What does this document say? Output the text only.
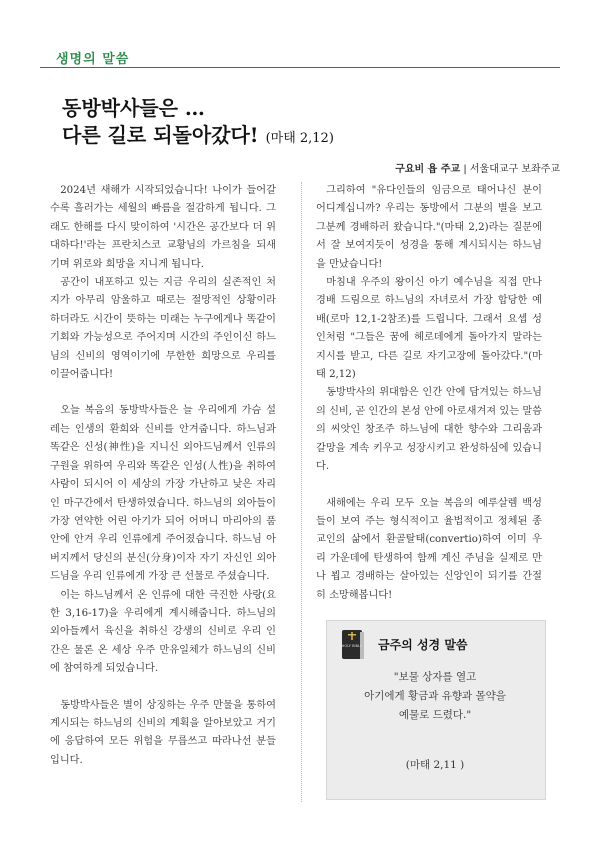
생명의 말씀
동방박사들은 …
다른 길로 되돌아갔다! (마태 2,12)
구요비 욥 주교 | 서울대교구 보좌주교

2024년 새해가 시작되었습니다! 나이가 들어갈수록 흘러가는 세월의 빠름을 절감하게 됩니다. 그래도 한해를 다시 맞이하여 '시간은 공간보다 더 위대하다!'라는 프란치스코 교황님의 가르침을 되새기며 위로와 희망을 지니게 됩니다.

공간이 내포하고 있는 지금 우리의 실존적인 처지가 아무리 암울하고 때로는 절망적인 상황이라 하더라도 시간이 뜻하는 미래는 누구에게나 똑같이 기회와 가능성으로 주어지며 시간의 주인이신 하느님의 신비의 영역이기에 무한한 희망으로 우리를 이끌어줍니다!

오늘 복음의 동방박사들은 늘 우리에게 가슴 설레는 인생의 환희와 신비를 안겨줍니다. 하느님과 똑같은 신성(神性)을 지니신 외아드님께서 인류의 구원을 위하여 우리와 똑같은 인성(人性)을 취하여 사람이 되시어 이 세상의 가장 가난하고 낮은 자리인 마구간에서 탄생하였습니다. 하느님의 외아들이 가장 연약한 어린 아기가 되어 어머니 마리아의 품 안에 안겨 우리 인류에게 주어졌습니다. 하느님 아버지께서 당신의 분신(分身)이자 자기 자신인 외아드님을 우리 인류에게 가장 큰 선물로 주셨습니다.

이는 하느님께서 온 인류에 대한 극진한 사랑(요한 3,16-17)을 우리에게 계시해줍니다. 하느님의 외아들께서 육신을 취하신 강생의 신비로 우리 인간은 물론 온 세상 우주 만유일체가 하느님의 신비에 참여하게 되었습니다.

동방박사들은 별이 상징하는 우주 만물을 통하여 계시되는 하느님의 신비의 계획을 알아보았고 거기에 응답하여 모든 위험을 무릅쓰고 따라나선 분들입니다.

그리하여 "유다인들의 임금으로 태어나신 분이 어디계십니까? 우리는 동방에서 그분의 별을 보고 그분께 경배하러 왔습니다."(마태 2,2)라는 질문에서 잘 보여지듯이 성경을 통해 계시되시는 하느님을 만났습니다!

마침내 우주의 왕이신 아기 예수님을 직접 만나 경배 드림으로 하느님의 자녀로서 가장 합당한 예배(로마 12,1-2참조)를 드립니다. 그래서 요셉 성인처럼 "그들은 꿈에 헤로데에게 돌아가지 말라는 지시를 받고, 다른 길로 자기고장에 돌아갔다."(마태 2,12)

동방박사의 위대함은 인간 안에 담겨있는 하느님의 신비, 곧 인간의 본성 안에 아로새겨져 있는 말씀의 씨앗인 창조주 하느님에 대한 향수와 그리움과 갈망을 계속 키우고 성장시키고 완성하심에 있습니다.

새해에는 우리 모두 오늘 복음의 예루살렘 백성들이 보여 주는 형식적이고 율법적이고 정체된 종교인의 삶에서 환골탈태(convertio)하여 이미 우리 가운데에 탄생하여 함께 계신 주님을 실제로 만나 뵙고 경배하는 살아있는 신앙인이 되기를 간절히 소망해봅니다!

HOLY BIBLE 금주의 성경 말씀
"보물 상자를 열고
아기에게 황금과 유향과 몰약을
예물로 드렸다."
(마태 2,11 )
